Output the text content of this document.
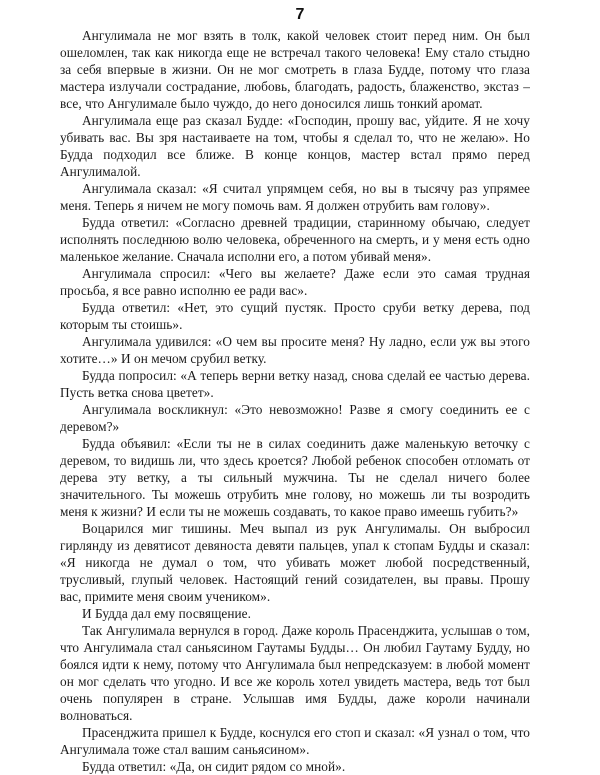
7

Ангулимала не мог взять в толк, какой человек стоит перед ним. Он был ошеломлен, так как никогда еще не встречал такого человека! Ему стало стыдно за себя впервые в жизни. Он не мог смотреть в глаза Будде, потому что глаза мастера излучали сострадание, любовь, благодать, радость, блаженство, экстаз – все, что Ангулимале было чуждо, до него доносился лишь тонкий аромат.

Ангулимала еще раз сказал Будде: «Господин, прошу вас, уйдите. Я не хочу убивать вас. Вы зря настаиваете на том, чтобы я сделал то, что не желаю». Но Будда подходил все ближе. В конце концов, мастер встал прямо перед Ангулималой.

Ангулимала сказал: «Я считал упрямцем себя, но вы в тысячу раз упрямее меня. Теперь я ничем не могу помочь вам. Я должен отрубить вам голову».

Будда ответил: «Согласно древней традиции, старинному обычаю, следует исполнять последнюю волю человека, обреченного на смерть, и у меня есть одно маленькое желание. Сначала исполни его, а потом убивай меня».

Ангулимала спросил: «Чего вы желаете? Даже если это самая трудная просьба, я все равно исполню ее ради вас».

Будда ответил: «Нет, это сущий пустяк. Просто сруби ветку дерева, под которым ты стоишь».

Ангулимала удивился: «О чем вы просите меня? Ну ладно, если уж вы этого хотите…» И он мечом срубил ветку.

Будда попросил: «А теперь верни ветку назад, снова сделай ее частью дерева. Пусть ветка снова цветет».

Ангулимала воскликнул: «Это невозможно! Разве я смогу соединить ее с деревом?»

Будда объявил: «Если ты не в силах соединить даже маленькую веточку с деревом, то видишь ли, что здесь кроется? Любой ребенок способен отломать от дерева эту ветку, а ты сильный мужчина. Ты не сделал ничего более значительного. Ты можешь отрубить мне голову, но можешь ли ты возродить меня к жизни? И если ты не можешь создавать, то какое право имеешь губить?»

Воцарился миг тишины. Меч выпал из рук Ангулималы. Он выбросил гирлянду из девятисот девяноста девяти пальцев, упал к стопам Будды и сказал: «Я никогда не думал о том, что убивать может любой посредственный, трусливый, глупый человек. Настоящий гений созидателен, вы правы. Прошу вас, примите меня своим учеником».

И Будда дал ему посвящение.

Так Ангулимала вернулся в город. Даже король Прасенджита, услышав о том, что Ангулимала стал саньясином Гаутамы Будды… Он любил Гаутаму Будду, но боялся идти к нему, потому что Ангулимала был непредсказуем: в любой момент он мог сделать что угодно. И все же король хотел увидеть мастера, ведь тот был очень популярен в стране. Услышав имя Будды, даже короли начинали волноваться.

Прасенджита пришел к Будде, коснулся его стоп и сказал: «Я узнал о том, что Ангулимала тоже стал вашим саньясином».

Будда ответил: «Да, он сидит рядом со мной».
